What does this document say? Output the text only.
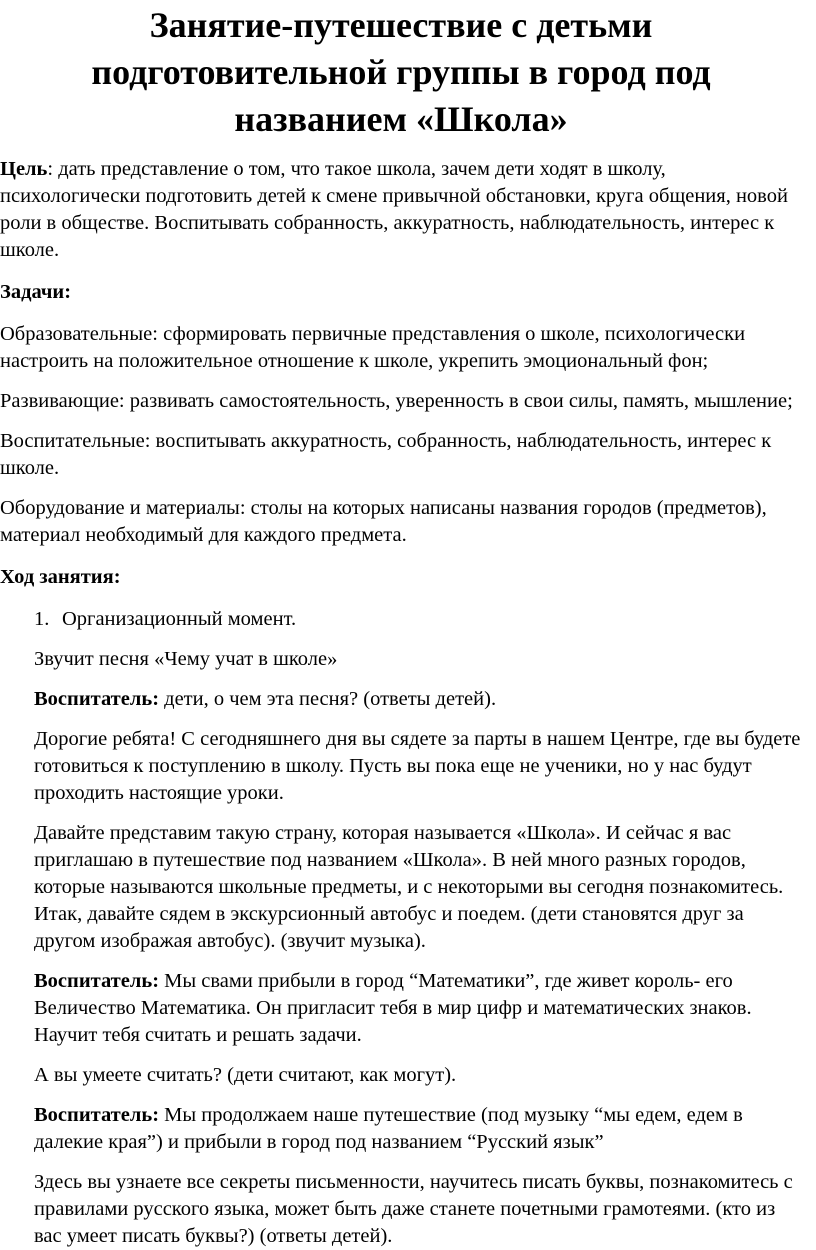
Занятие-путешествие с детьми подготовительной группы в город под названием «Школа»

Цель: дать представление о том, что такое школа, зачем дети ходят в школу, психологически подготовить детей к смене привычной обстановки, круга общения, новой роли в обществе. Воспитывать собранность, аккуратность, наблюдательность, интерес к школе.

Задачи:

Образовательные: сформировать первичные представления о школе, психологически настроить на положительное отношение к школе, укрепить эмоциональный фон;

Развивающие: развивать самостоятельность, уверенность в свои силы, память, мышление;

Воспитательные: воспитывать аккуратность, собранность, наблюдательность, интерес к школе.

Оборудование и материалы: столы на которых написаны названия городов (предметов), материал необходимый для каждого предмета.

Ход занятия:

1. Организационный момент.

Звучит песня «Чему учат в школе»

Воспитатель: дети, о чем эта песня? (ответы детей).

Дорогие ребята! С сегодняшнего дня вы сядете за парты в нашем Центре, где вы будете готовиться к поступлению в школу. Пусть вы пока еще не ученики, но у нас будут проходить настоящие уроки.

Давайте представим такую страну, которая называется «Школа». И сейчас я вас приглашаю в путешествие под названием «Школа». В ней много разных городов, которые называются школьные предметы, и с некоторыми вы сегодня познакомитесь. Итак, давайте сядем в экскурсионный автобус и поедем. (дети становятся друг за другом изображая автобус). (звучит музыка).

Воспитатель: Мы свами прибыли в город “Математики”, где живет король- его Величество Математика. Он пригласит тебя в мир цифр и математических знаков. Научит тебя считать и решать задачи.

А вы умеете считать? (дети считают, как могут).

Воспитатель: Мы продолжаем наше путешествие (под музыку “мы едем, едем в далекие края”) и прибыли в город под названием “Русский язык”

Здесь вы узнаете все секреты письменности, научитесь писать буквы, познакомитесь с правилами русского языка, может быть даже станете почетными грамотеями. (кто из вас умеет писать буквы?) (ответы детей).
